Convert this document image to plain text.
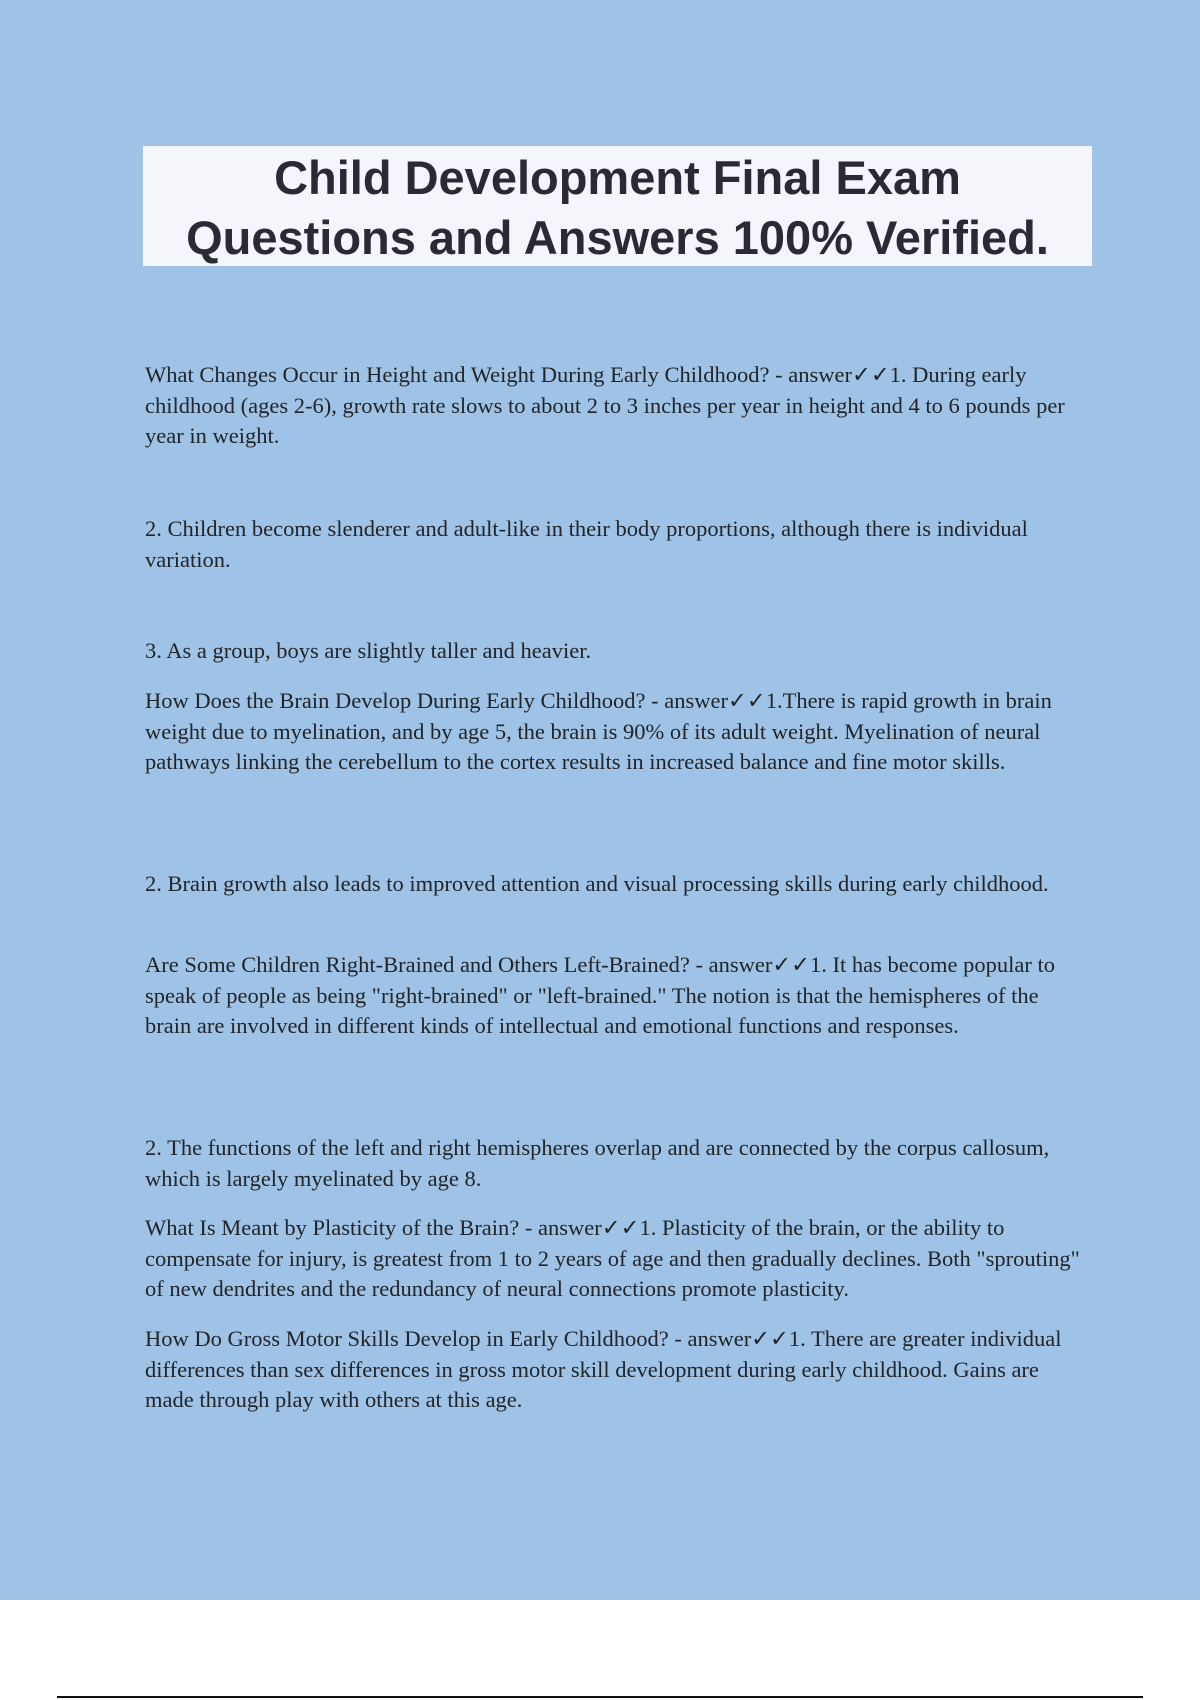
Child Development Final Exam

Questions and Answers 100% Verified.

What Changes Occur in Height and Weight During Early Childhood? - answer✓✓1. During early childhood (ages 2-6), growth rate slows to about 2 to 3 inches per year in height and 4 to 6 pounds per year in weight.

2. Children become slenderer and adult-like in their body proportions, although there is individual variation.

3. As a group, boys are slightly taller and heavier.

How Does the Brain Develop During Early Childhood? - answer✓✓1.There is rapid growth in brain weight due to myelination, and by age 5, the brain is 90% of its adult weight. Myelination of neural pathways linking the cerebellum to the cortex results in increased balance and fine motor skills.

2. Brain growth also leads to improved attention and visual processing skills during early childhood.

Are Some Children Right-Brained and Others Left-Brained? - answer✓✓1. It has become popular to speak of people as being "right-brained" or "left-brained." The notion is that the hemispheres of the brain are involved in different kinds of intellectual and emotional functions and responses.

2. The functions of the left and right hemispheres overlap and are connected by the corpus callosum, which is largely myelinated by age 8.

What Is Meant by Plasticity of the Brain? - answer✓✓1. Plasticity of the brain, or the ability to compensate for injury, is greatest from 1 to 2 years of age and then gradually declines. Both "sprouting" of new dendrites and the redundancy of neural connections promote plasticity.

How Do Gross Motor Skills Develop in Early Childhood? - answer✓✓1. There are greater individual differences than sex differences in gross motor skill development during early childhood. Gains are made through play with others at this age.
